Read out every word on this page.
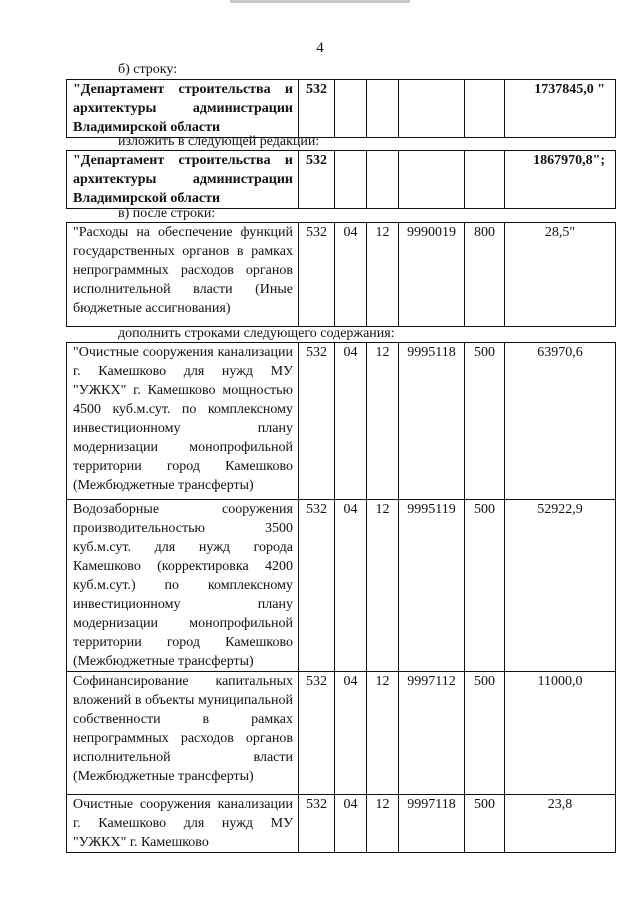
4
б) строку:
"Департамент строительства и архитектуры администрации Владимирской области	532					1737845,0 "
изложить в следующей редакции:
"Департамент строительства и архитектуры администрации Владимирской области	532					1867970,8";
в) после строки:
"Расходы на обеспечение функций государственных органов в рамках непрограммных расходов органов исполнительной власти (Иные бюджетные ассигнования)	532	04	12	9990019	800	28,5"
дополнить строками следующего содержания:
"Очистные сооружения канализации г. Камешково для нужд МУ "УЖКХ" г. Камешково мощностью 4500 куб.м.сут. по комплексному инвестиционному плану модернизации монопрофильной территории город Камешково (Межбюджетные трансферты)	532	04	12	9995118	500	63970,6
Водозаборные сооружения производительностью 3500 куб.м.сут. для нужд города Камешково (корректировка 4200 куб.м.сут.) по комплексному инвестиционному плану модернизации монопрофильной территории город Камешково (Межбюджетные трансферты)	532	04	12	9995119	500	52922,9
Софинансирование капитальных вложений в объекты муниципальной собственности в рамках непрограммных расходов органов исполнительной власти (Межбюджетные трансферты)	532	04	12	9997112	500	11000,0
Очистные сооружения канализации г. Камешково для нужд МУ "УЖКХ" г. Камешково	532	04	12	9997118	500	23,8
